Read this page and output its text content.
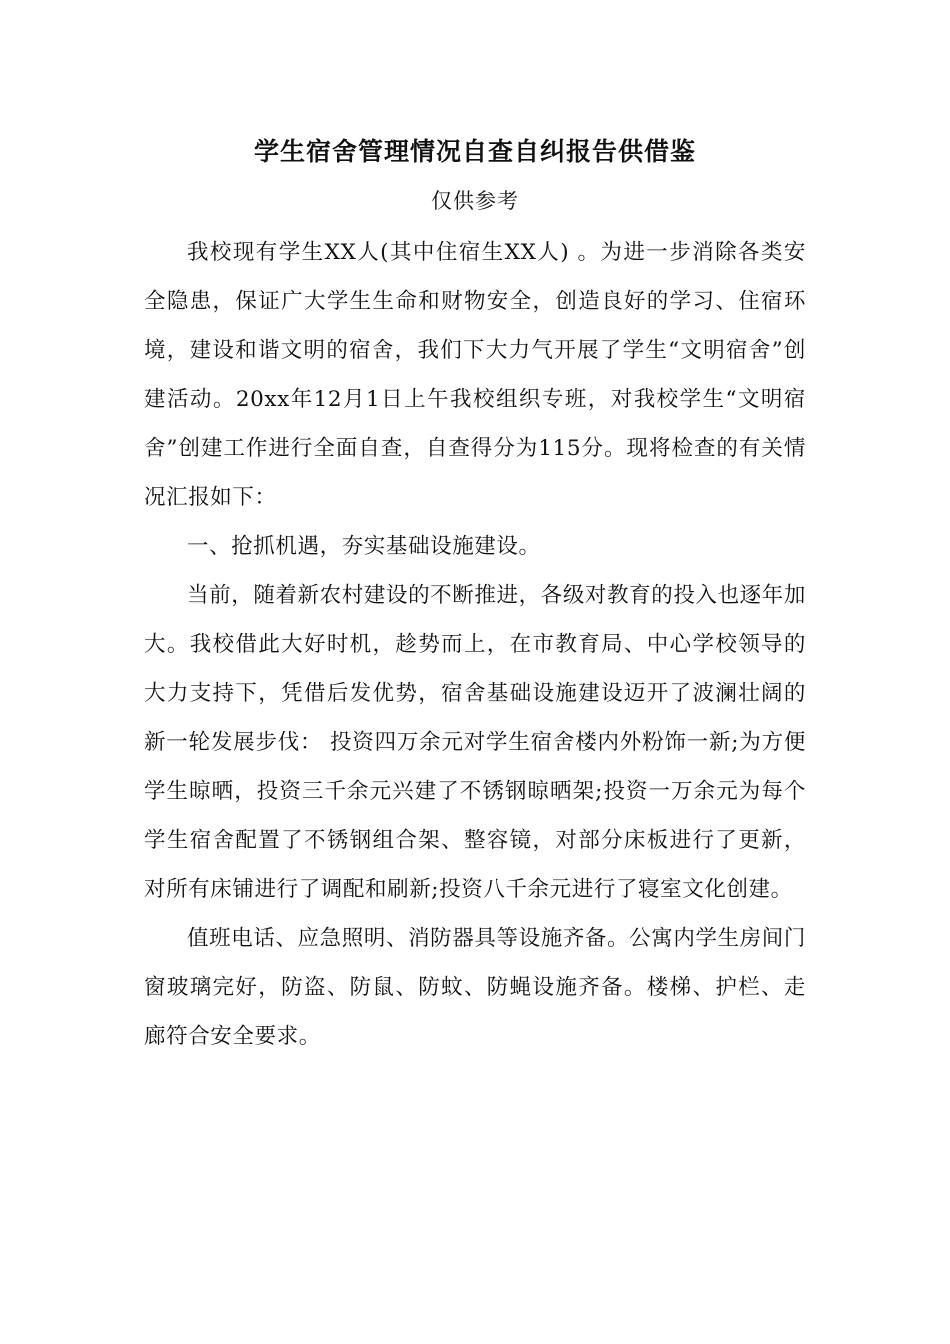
学生宿舍管理情况自查自纠报告供借鉴
仅供参考

我校现有学生XX人(其中住宿生XX人) 。为进一步消除各类安全隐患，保证广大学生生命和财物安全，创造良好的学习、住宿环境，建设和谐文明的宿舍，我们下大力气开展了学生“文明宿舍”创建活动。20xx年12月1日上午我校组织专班，对我校学生“文明宿舍”创建工作进行全面自查，自查得分为115分。现将检查的有关情况汇报如下：

一、抢抓机遇，夯实基础设施建设。

当前，随着新农村建设的不断推进，各级对教育的投入也逐年加大。我校借此大好时机，趁势而上，在市教育局、中心学校领导的大力支持下，凭借后发优势，宿舍基础设施建设迈开了波澜壮阔的新一轮发展步伐： 投资四万余元对学生宿舍楼内外粉饰一新;为方便学生晾晒，投资三千余元兴建了不锈钢晾晒架;投资一万余元为每个学生宿舍配置了不锈钢组合架、整容镜，对部分床板进行了更新，对所有床铺进行了调配和刷新;投资八千余元进行了寝室文化创建。

值班电话、应急照明、消防器具等设施齐备。公寓内学生房间门窗玻璃完好，防盗、防鼠、防蚊、防蝇设施齐备。楼梯、护栏、走廊符合安全要求。
